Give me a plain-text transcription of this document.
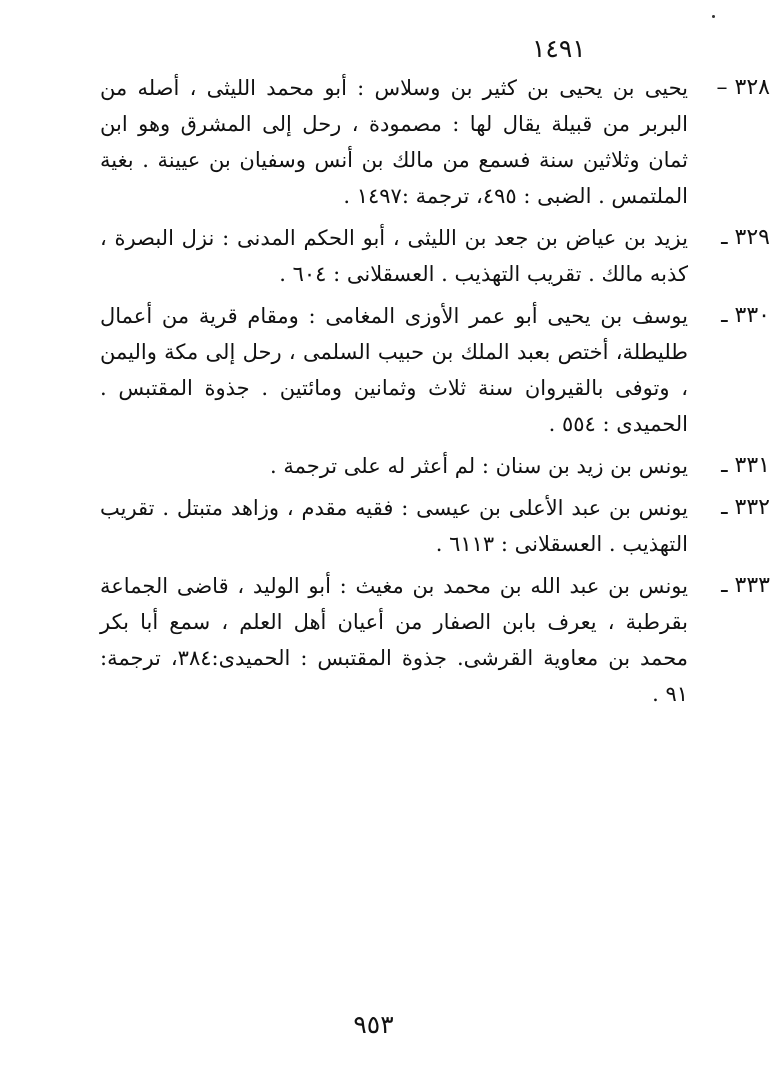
١٤٩١
٣٢٨ –
يحيى بن يحيى بن كثير بن وسلاس : أبو محمد الليثى ، أصله من البربر من قبيلة يقال لها : مصمودة ، رحل إلى المشرق وهو ابن ثمان وثلاثين سنة فسمع من مالك بن أنس وسفيان بن عيينة . بغية الملتمس . الضبى : ٤٩٥، ترجمة :١٤٩٧ .
٣٢٩ ـ
يزيد بن عياض بن جعد بن الليثى ، أبو الحكم المدنى : نزل البصرة ، كذبه مالك . تقريب التهذيب . العسقلانى : ٦٠٤ .
٣٣٠ ـ
يوسف بن يحيى أبو عمر الأوزى المغامى : ومقام قرية من أعمال طليطلة، أختص بعبد الملك بن حبيب السلمى ، رحل إلى مكة واليمن ، وتوفى بالقيروان سنة ثلاث وثمانين ومائتين . جذوة المقتبس . الحميدى : ٥٥٤ .
٣٣١ ـ
يونس بن زيد بن سنان : لم أعثر له على ترجمة .
٣٣٢ ـ
يونس بن عبد الأعلى بن عيسى : فقيه مقدم ، وزاهد متبتل . تقريب التهذيب . العسقلانى : ٦١١٣ .
٣٣٣ ـ
يونس بن عبد الله بن محمد بن مغيث : أبو الوليد ، قاضى الجماعة بقرطبة ، يعرف بابن الصفار من أعيان أهل العلم ، سمع أبا بكر محمد بن معاوية القرشى. جذوة المقتبس : الحميدى:٣٨٤، ترجمة: ٩١ .
٩٥٣
